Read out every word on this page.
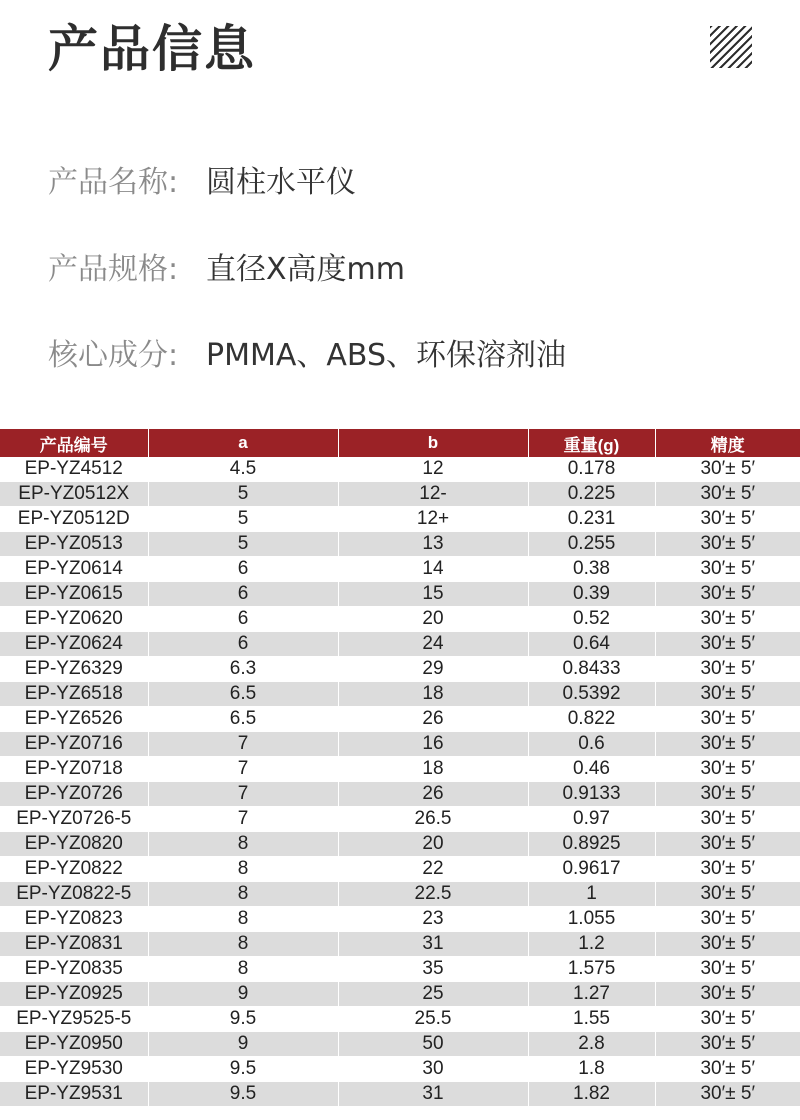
产品信息
产品名称: 圆柱水平仪
产品规格: 直径X高度mm
核心成分: PMMA、ABS、环保溶剂油
产品编号	a	b	重量(g)	精度
EP-YZ4512	4.5	12	0.178	30′± 5′
EP-YZ0512X	5	12-	0.225	30′± 5′
EP-YZ0512D	5	12+	0.231	30′± 5′
EP-YZ0513	5	13	0.255	30′± 5′
EP-YZ0614	6	14	0.38	30′± 5′
EP-YZ0615	6	15	0.39	30′± 5′
EP-YZ0620	6	20	0.52	30′± 5′
EP-YZ0624	6	24	0.64	30′± 5′
EP-YZ6329	6.3	29	0.8433	30′± 5′
EP-YZ6518	6.5	18	0.5392	30′± 5′
EP-YZ6526	6.5	26	0.822	30′± 5′
EP-YZ0716	7	16	0.6	30′± 5′
EP-YZ0718	7	18	0.46	30′± 5′
EP-YZ0726	7	26	0.9133	30′± 5′
EP-YZ0726-5	7	26.5	0.97	30′± 5′
EP-YZ0820	8	20	0.8925	30′± 5′
EP-YZ0822	8	22	0.9617	30′± 5′
EP-YZ0822-5	8	22.5	1	30′± 5′
EP-YZ0823	8	23	1.055	30′± 5′
EP-YZ0831	8	31	1.2	30′± 5′
EP-YZ0835	8	35	1.575	30′± 5′
EP-YZ0925	9	25	1.27	30′± 5′
EP-YZ9525-5	9.5	25.5	1.55	30′± 5′
EP-YZ0950	9	50	2.8	30′± 5′
EP-YZ9530	9.5	30	1.8	30′± 5′
EP-YZ9531	9.5	31	1.82	30′± 5′
